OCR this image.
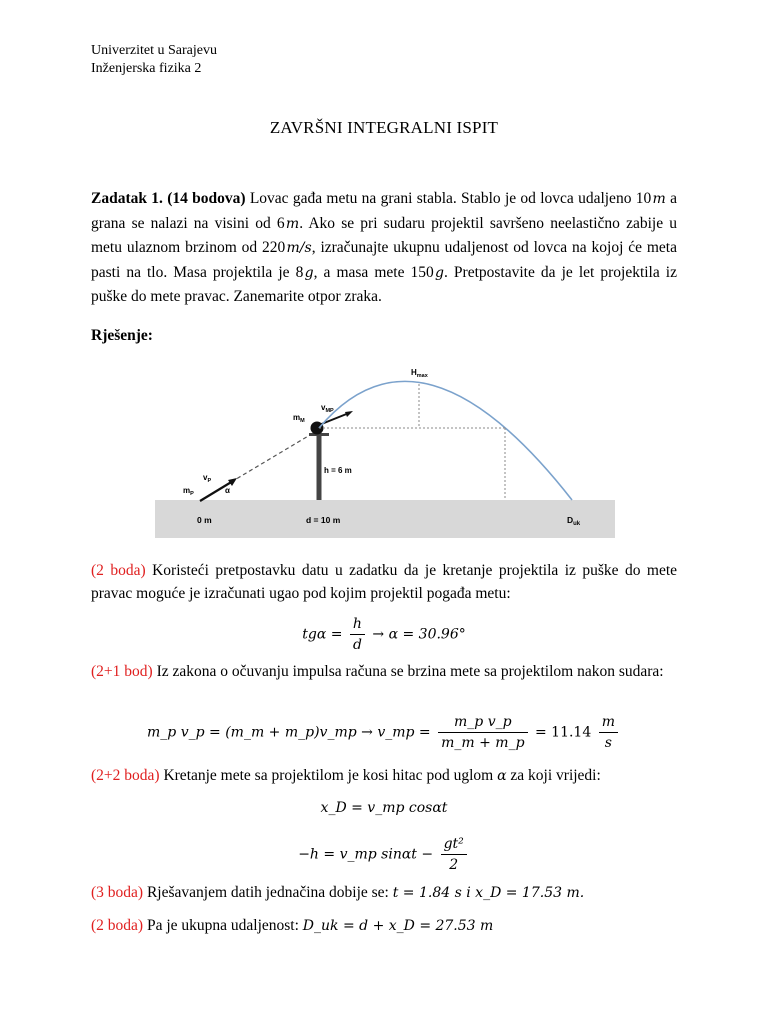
Univerzitet u Sarajevu
Inženjerska fizika 2
ZAVRŠNI INTEGRALNI ISPIT
Zadatak 1. (14 bodova) Lovac gađa metu na grani stabla. Stablo je od lovca udaljeno 10 m a grana se nalazi na visini od 6 m. Ako se pri sudaru projektil savršeno neelastično zabije u metu ulaznom brzinom od 220 m/s, izračunajte ukupnu udaljenost od lovca na kojoj će meta pasti na tlo. Masa projektila je 8 g, a masa mete 150 g. Pretpostavite da je let projektila iz puške do mete pravac. Zanemarite otpor zraka.
Rješenje:
$H_{max}$
$v_{MP}$
$m_M$
h = 6 m
$v_P$
α
$m_P$
0 m	d = 10 m	$D_{uk}$
(2 boda) Koristeći pretpostavku datu u zadatku da je kretanje projektila iz puške do mete pravac moguće je izračunati ugao pod kojim projektil pogađa metu:
$tg\alpha = \frac{h}{d} \to \alpha = 30.96^\circ$
(2+1 bod) Iz zakona o očuvanju impulsa računa se brzina mete sa projektilom nakon sudara:
m_p v_p = (m_m + m_p)v_mp → v_mp = $\frac{\text{m\_p v\_p}}{m\_m + m\_p} = 11.14 \frac{m}{s}$
(2+2 boda) Kretanje mete sa projektilom je kosi hitac pod uglom α za koji vrijedi:
x_D = v_mp cosαt
−h = v_mp $\sin\alpha t - \frac{\text{gt²}}{2}$
(3 boda) Rješavanjem datih jednačina dobije se: t = 1.84 s i x_D = 17.53 m.
(2 boda) Pa je ukupna udaljenost: D_uk = d + x_D = 27.53 m
